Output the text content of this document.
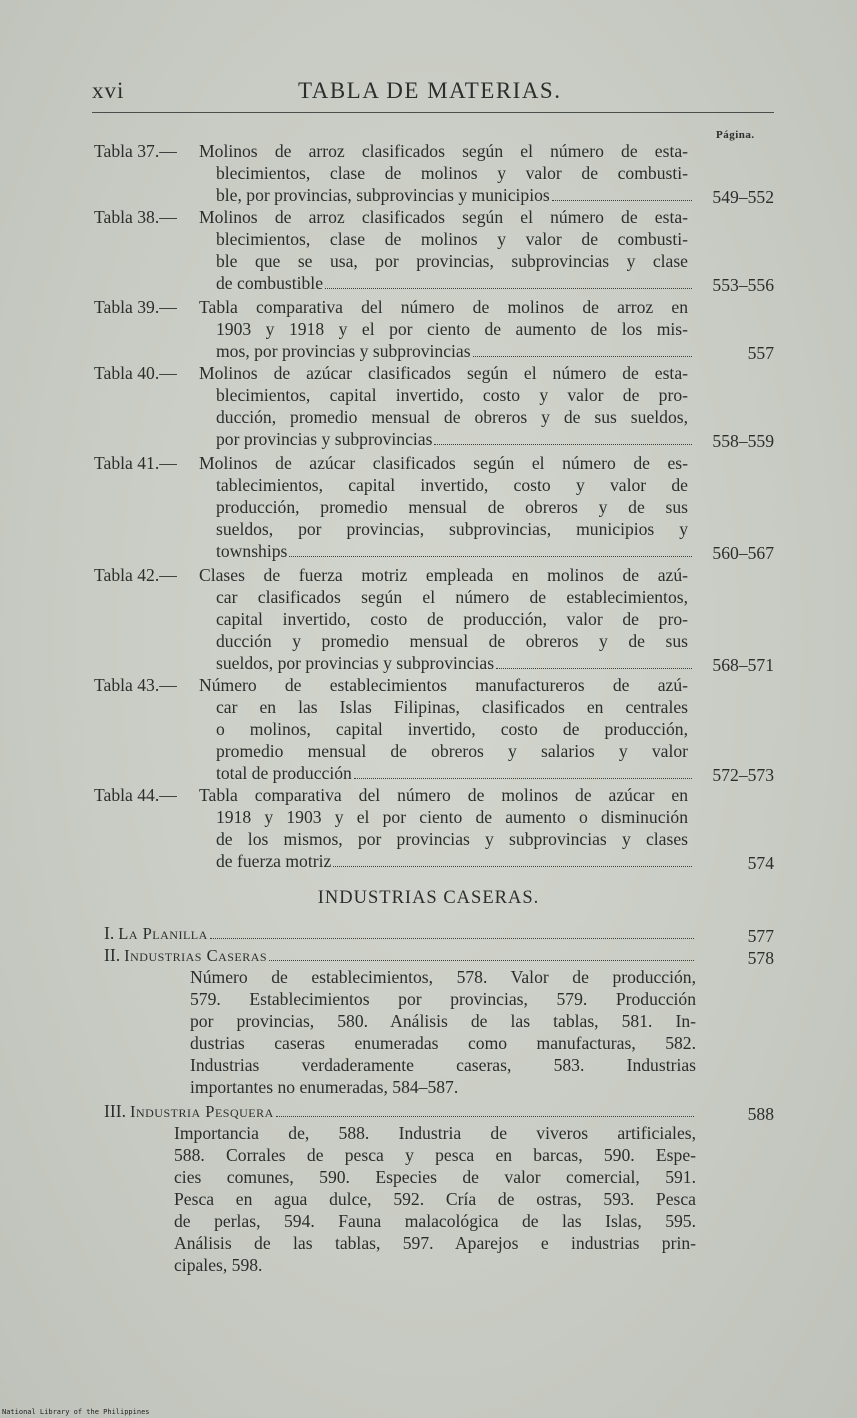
xvi	TABLA DE MATERIAS.
Página.
Tabla 37.— Molinos de arroz clasificados según el número de esta-
blecimientos, clase de molinos y valor de combusti-
ble, por provincias, subprovincias y municipios	549–552
Tabla 38.— Molinos de arroz clasificados según el número de esta-
blecimientos, clase de molinos y valor de combusti-
ble que se usa, por provincias, subprovincias y clase
de combustible	553–556
Tabla 39.— Tabla comparativa del número de molinos de arroz en
1903 y 1918 y el por ciento de aumento de los mis-
mos, por provincias y subprovincias	557
Tabla 40.— Molinos de azúcar clasificados según el número de esta-
blecimientos, capital invertido, costo y valor de pro-
ducción, promedio mensual de obreros y de sus sueldos,
por provincias y subprovincias	558–559
Tabla 41.— Molinos de azúcar clasificados según el número de es-
tablecimientos, capital invertido, costo y valor de
producción, promedio mensual de obreros y de sus
sueldos, por provincias, subprovincias, municipios y
townships	560–567
Tabla 42.— Clases de fuerza motriz empleada en molinos de azú-
car clasificados según el número de establecimientos,
capital invertido, costo de producción, valor de pro-
ducción y promedio mensual de obreros y de sus
sueldos, por provincias y subprovincias	568–571
Tabla 43.— Número de establecimientos manufactureros de azú-
car en las Islas Filipinas, clasificados en centrales
o molinos, capital invertido, costo de producción,
promedio mensual de obreros y salarios y valor
total de producción	572–573
Tabla 44.— Tabla comparativa del número de molinos de azúcar en
1918 y 1903 y el por ciento de aumento o disminución
de los mismos, por provincias y subprovincias y clases
de fuerza motriz	574
INDUSTRIAS CASERAS.
I. La Planilla	577
II. Industrias Caseras	578
Número de establecimientos, 578. Valor de producción,
579. Establecimientos por provincias, 579. Producción
por provincias, 580. Análisis de las tablas, 581. In-
dustrias caseras enumeradas como manufacturas, 582.
Industrias verdaderamente caseras, 583. Industrias
importantes no enumeradas, 584–587.
III. Industria Pesquera	588
Importancia de, 588. Industria de viveros artificiales,
588. Corrales de pesca y pesca en barcas, 590. Espe-
cies comunes, 590. Especies de valor comercial, 591.
Pesca en agua dulce, 592. Cría de ostras, 593. Pesca
de perlas, 594. Fauna malacológica de las Islas, 595.
Análisis de las tablas, 597. Aparejos e industrias prin-
cipales, 598.
National Library of the Philippines
